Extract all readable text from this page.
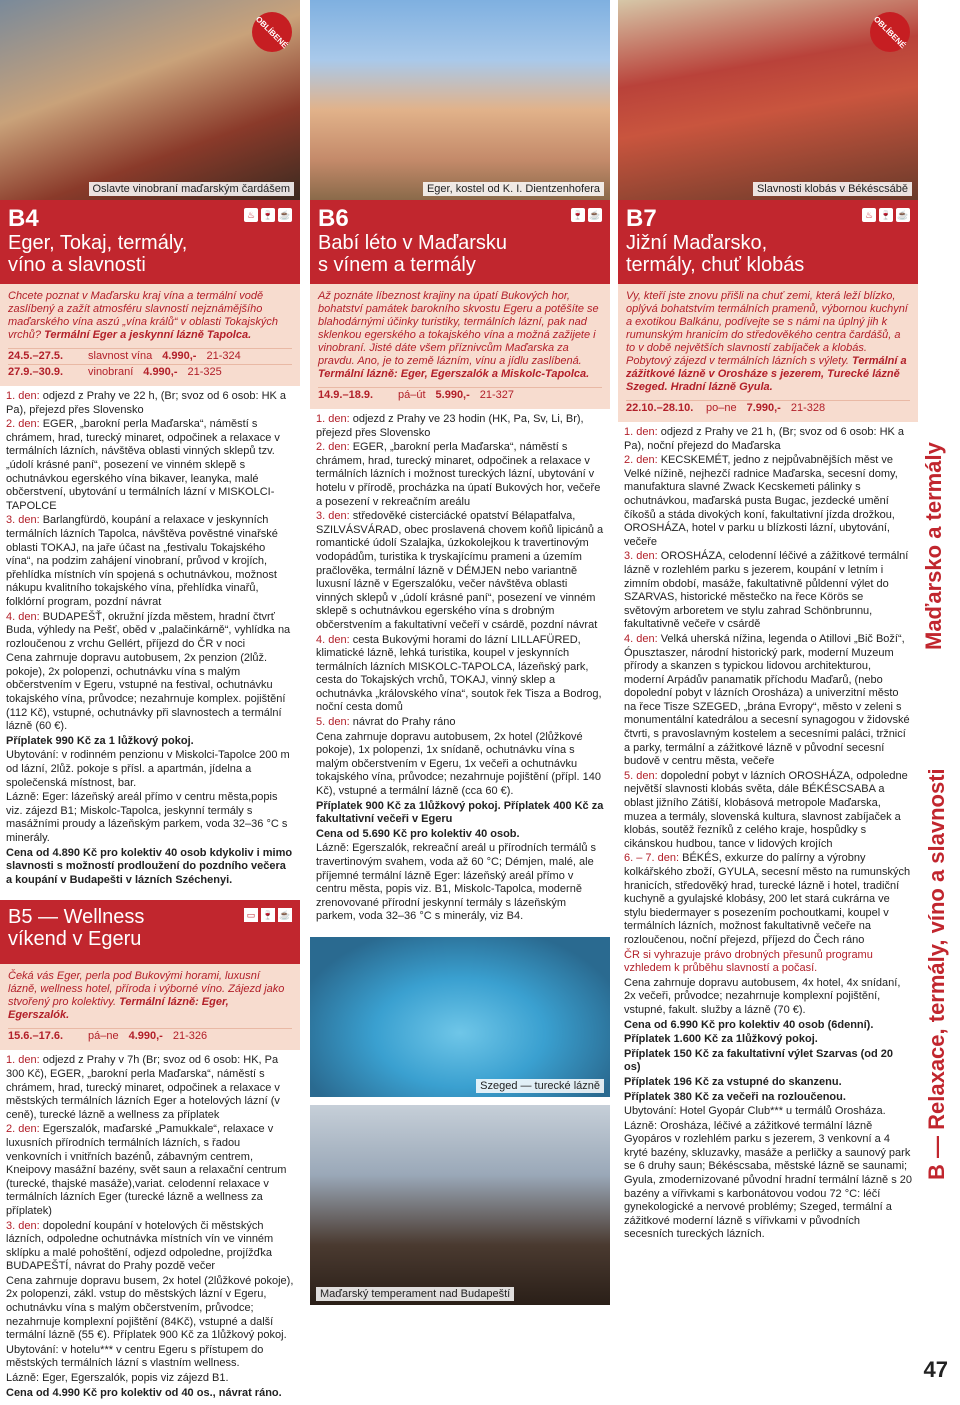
OBLÍBENÉ
Oslavte vinobraní maďarským čardášem
B4
Eger, Tokaj, termály,
víno a slavnosti
♨ 🍷 ☕
Chcete poznat v Maďarsku kraj vína a termální vodě zaslíbený a zažít atmosféru slavností nejznámějšího maďarského vína aszú „vína králů“ v oblasti Tokajských vrchů? Termální Eger a jeskynní lázně Tapolca.
24.5.–27.5.	slavnost vína 4.990,- 21-324
27.9.–30.9.	vinobraní 4.990,- 21-325

1. den: odjezd z Prahy ve 22 h, (Br; svoz od 6 osob: HK a Pa), přejezd přes Slovensko

2. den: EGER, „barokní perla Maďarska“, náměstí s chrámem, hrad, turecký minaret, odpočinek a relaxace v termálních lázních, návštěva oblasti vinných sklepů tzv. „údolí krásné paní“, posezení ve vinném sklepě s ochutnávkou egerského vína bikaver, leanyka, malé občerstvení, ubytování u termálních lázní v MISKOLCI-TAPOLCE

3. den: Barlangfürdö, koupání a relaxace v jeskynních termálních lázních Tapolca, návštěva pověstné vinařské oblasti TOKAJ, na jaře účast na „festivalu Tokajského vína“, na podzim zahájení vinobraní, průvod v krojích, přehlídka místních vín spojená s ochutnávkou, možnost nákupu kvalitního tokajského vína, přehlídka vinařů, folklórní program, pozdní návrat

4. den: BUDAPEŠŤ, okružní jízda městem, hradní čtvrť Buda, výhledy na Pešť, oběd v „palačinkárně“, vyhlídka na rozloučenou z vrchu Gellért, příjezd do ČR v noci

Cena zahrnuje dopravu autobusem, 2x penzion (2lůž. pokoje), 2x polopenzi, ochutnávku vína s malým občerstvením v Egeru, vstupné na festival, ochutnávku tokajského vína, průvodce; nezahrnuje komplex. pojištění (112 Kč), vstupné, ochutnávky při slavnostech a termální lázně (60 €).

Příplatek 990 Kč za 1 lůžkový pokoj.

Ubytování: v rodinném penzionu v Miskolci-Tapolce 200 m od lázní, 2lůž. pokoje s přísl. a apartmán, jídelna a společenská místnost, bar.

Lázně: Eger: lázeňský areál přímo v centru města,popis viz. zájezd B1; Miskolc-Tapolca, jeskynní termály s masážními proudy a lázeňským parkem, voda 32–36 °C s minerály.

Cena od 4.890 Kč pro kolektiv 40 osob kdykoliv i mimo slavnosti s možností prodloužení do pozdního večera a koupání v Budapešti v lázních Széchenyi.

B5 — Wellness
víkend v Egeru
▭ 🍷 ☕
Čeká vás Eger, perla pod Bukovými horami, luxusní lázně, wellness hotel, příroda i výborné víno. Zájezd jako stvořený pro kolektivy. Termální lázně: Eger, Egerszalók.
15.6.–17.6.	pá–ne 4.990,- 21-326

1. den: odjezd z Prahy v 7h (Br; svoz od 6 osob: HK, Pa 300 Kč), EGER, „barokní perla Maďarska“, náměstí s chrámem, hrad, turecký minaret, odpočinek a relaxace v městských termálních lázních Eger a hotelových lázní (v ceně), turecké lázně a wellness za příplatek

2. den: Egerszalók, maďarské „Pamukkale“, relaxace v luxusních přírodních termálních lázních, s řadou venkovních i vnitřních bazénů, zábavným centrem, Kneipovy masážní bazény, svět saun a relaxační centrum (turecké, thajské masáže),variat. celodenní relaxace v termálních lázních Eger (turecké lázně a wellness za příplatek)

3. den: dopolední koupání v hotelových či městských lázních, odpoledne ochutnávka místních vín ve vinném sklípku a malé pohoštění, odjezd odpoledne, projížďka BUDAPEŠTÍ, návrat do Prahy pozdě večer

Cena zahrnuje dopravu busem, 2x hotel (2lůžkové pokoje), 2x polopenzi, zákl. vstup do městských lázní v Egeru, ochutnávku vína s malým občerstvením, průvodce; nezahrnuje komplexní pojištění (84Kč), vstupné a další termální lázně (55 €). Příplatek 900 Kč za 1lůžkový pokoj.

Ubytování: v hotelu*** v centru Egeru s přístupem do městských termálních lázní s vlastním wellness.

Lázně: Eger, Egerszalók, popis viz zájezd B1.

Cena od 4.990 Kč pro kolektiv od 40 os., návrat ráno.

Eger, kostel od K. I. Dientzenhofera
B6
Babí léto v Maďarsku
s vínem a termály
🍷 ☕
Až poznáte líbeznost krajiny na úpatí Bukových hor, bohatství památek barokního skvostu Egeru a potěšíte se blahodárnými účinky turistiky, termálních lázní, pak nad sklenkou egerského a tokajského vína a možná zažijete i vinobraní. Jisté dáte všem příznivcům Maďarska za pravdu. Ano, je to země lázním, vínu a jídlu zaslíbená. Termální lázně: Eger, Egerszalók a Miskolc-Tapolca.
14.9.–18.9.	pá–út 5.990,- 21-327

1. den: odjezd z Prahy ve 23 hodin (HK, Pa, Sv, Li, Br), přejezd přes Slovensko

2. den: EGER, „barokní perla Maďarska“, náměstí s chrámem, hrad, turecký minaret, odpočinek a relaxace v termálních lázních i možnost tureckých lázní, ubytování v hotelu v přírodě, procházka na úpatí Bukových hor, večeře a posezení v rekreačním areálu

3. den: středověké cisterciácké opatství Bélapatfalva, SZILVÁSVÁRAD, obec proslavená chovem koňů lipicánů a romantické údolí Szalajka, úzkokolejkou k travertinovým vodopádům, turistika k tryskajícímu prameni a územím pračlověka, termální lázně v DÉMJEN nebo variantně luxusní lázně v Egerszalóku, večer návštěva oblasti vinných sklepů v „údolí krásné paní“, posezení ve vinném sklepě s ochutnávkou egerského vína s drobným občerstvením a fakultativní večeří v csárdě, pozdní návrat

4. den: cesta Bukovými horami do lázní LILLAFÜRED, klimatické lázně, lehká turistika, koupel v jeskynních termálních lázních MISKOLC-TAPOLCA, lázeňský park, cesta do Tokajských vrchů, TOKAJ, vinný sklep a ochutnávka „královského vína“, soutok řek Tisza a Bodrog, noční cesta domů

5. den: návrat do Prahy ráno

Cena zahrnuje dopravu autobusem, 2x hotel (2lůžkové pokoje), 1x polopenzi, 1x snídaně, ochutnávku vína s malým občerstvením v Egeru, 1x večeři a ochutnávku tokajského vína, průvodce; nezahrnuje pojištění (přípl. 140 Kč), vstupné a termální lázně (cca 60 €).

Příplatek 900 Kč za 1lůžkový pokoj. Příplatek 400 Kč za fakultativní večeři v Egeru

Cena od 5.690 Kč pro kolektiv 40 osob.

Lázně: Egerszalók, rekreační areál u přírodních termálů s travertinovým svahem, voda až 60 °C; Démjen, malé, ale příjemné termální lázně Eger: lázeňský areál přímo v centru města, popis viz. B1, Miskolc-Tapolca, moderně zrenovované přírodní jeskynní termály s lázeňským parkem, voda 32–36 °C s minerály, viz B4.

Szeged — turecké lázně
Maďarský temperament nad Budapeští
OBLÍBENÉ
Slavnosti klobás v Békéscsábě
B7
Jižní Maďarsko,
termály, chuť klobás
♨ 🍷 ☕
Vy, kteří jste znovu přišli na chuť zemi, která leží blízko, oplývá bohatstvím termálních pramenů, výbornou kuchyní a exotikou Balkánu, podívejte se s námi na úplný jih k rumunským hranicím do středověkého centra čardášů, a to v době největších slavností zabíjaček a klobás. Pobytový zájezd v termálních lázních s výlety. Termální a zážitkové lázně v Orosháze s jezerem, Turecké lázně Szeged. Hradní lázně Gyula.
22.10.–28.10. po–ne 7.990,- 21-328

1. den: odjezd z Prahy ve 21 h, (Br; svoz od 6 osob: HK a Pa), noční přejezd do Maďarska

2. den: KECSKEMÉT, jedno z nejpůvabnějších měst ve Velké nížině, nejhezčí radnice Maďarska, secesní domy, manufaktura slavné Zwack Kecskemeti pálinky s ochutnávkou, maďarská pusta Bugac, jezdecké umění číkošů a stáda divokých koní, fakultativní jízda drožkou, OROSHÁZA, hotel v parku u blízkosti lázní, ubytování, večeře

3. den: OROSHÁZA, celodenní léčivé a zážitkové termální lázně v rozlehlém parku s jezerem, koupání v letním i zimním období, masáže, fakultativně půldenní výlet do SZARVAS, historické městečko na řece Körös se světovým arboretem ve stylu zahrad Schönbrunnu, fakultativně večeře v csárdě

4. den: Velká uherská nížina, legenda o Atillovi „Bič Boží“, Ópusztaszer, národní historický park, moderní Muzeum přírody a skanzen s typickou lidovou architekturou, moderní Arpádův panamatik příchodu Maďarů, (nebo dopolední pobyt v lázních Orosháza) a univerzitní město na řece Tisze SZEGED, „brána Evropy“, město v zeleni s monumentální katedrálou a secesní synagogou v židovské čtvrti, s pravoslavným kostelem a secesními paláci, tržnicí a parky, termální a zážitkové lázně v původní secesní budově v centru města, večeře

5. den: dopolední pobyt v lázních OROSHÁZA, odpoledne největší slavnosti klobás světa, dále BÉKÉSCSABA a oblast jižního Zátiší, klobásová metropole Maďarska, muzea a termály, slovenská kultura, slavnost zabíjaček a klobás, soutěž řezníků z celého kraje, hospůdky s cikánskou hudbou, tance v lidových krojích

6. – 7. den: BÉKÉS, exkurze do palírny a výrobny kolkářského zboží, GYULA, secesní město na rumunských hranicích, středověký hrad, turecké lázně i hotel, tradiční kuchyně a gyulajské klobásy, 200 let stará cukrárna ve stylu biedermayer s posezením pochoutkami, koupel v termálních lázních, možnost fakultativně večeře na rozloučenou, noční přejezd, příjezd do Čech ráno

ČR si vyhrazuje právo drobných přesunů programu vzhledem k průběhu slavností a počasí.

Cena zahrnuje dopravu autobusem, 4x hotel, 4x snídaní, 2x večeři, průvodce; nezahrnuje komplexní pojištění, vstupné, fakult. služby a lázně (70 €).

Cena od 6.990 Kč pro kolektiv 40 osob (6denní).

Příplatek 1.600 Kč za 1lůžkový pokoj.

Příplatek 150 Kč za fakultativní výlet Szarvas (od 20 os)

Příplatek 196 Kč za vstupné do skanzenu.

Příplatek 380 Kč za večeři na rozloučenou.

Ubytování: Hotel Gyopár Club*** u termálů Orosháza.

Lázně: Orosháza, léčivé a zážitkové termální lázně Gyopáros v rozlehlém parku s jezerem, 3 venkovní a 4 kryté bazény, skluzavky, masáže a perličky a saunový park se 6 druhy saun; Békéscsaba, městské lázně se saunami; Gyula, zmodernizované původní hradní termální lázně s 20 bazény a vířivkami s karbonátovou vodou 72 °C: léčí gynekologické a nervové problémy; Szeged, termální a zážitkové moderní lázně s vířivkami v původních secesních tureckých lázních.

B — Relaxace, termály, víno a slavnosti
Maďarsko a termály
47
